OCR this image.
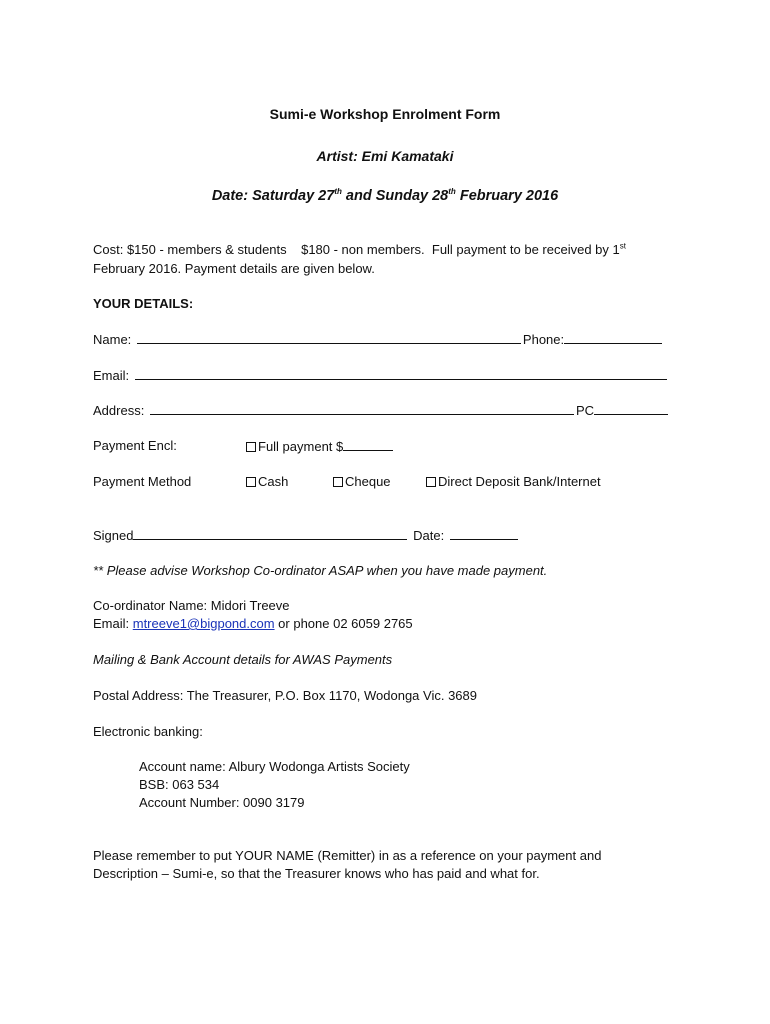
Sumi-e Workshop Enrolment Form
Artist: Emi Kamataki
Date: Saturday 27th and Sunday 28th February 2016
Cost: $150 - members & students    $180 - non members.  Full payment to be received by 1st
February 2016. Payment details are given below.
YOUR DETAILS:
Name:	Phone:
Email:
Address:	PC
Payment Encl:	Full payment $
Payment Method	Cash	Cheque	Direct Deposit Bank/Internet
Signed	Date:
** Please advise Workshop Co-ordinator ASAP when you have made payment.
Co-ordinator Name: Midori Treeve
Email: mtreeve1@bigpond.com or phone 02 6059 2765
Mailing & Bank Account details for AWAS Payments
Postal Address: The Treasurer, P.O. Box 1170, Wodonga Vic. 3689
Electronic banking:
Account name: Albury Wodonga Artists Society
BSB: 063 534
Account Number: 0090 3179
Please remember to put YOUR NAME (Remitter) in as a reference on your payment and
Description – Sumi-e, so that the Treasurer knows who has paid and what for.
